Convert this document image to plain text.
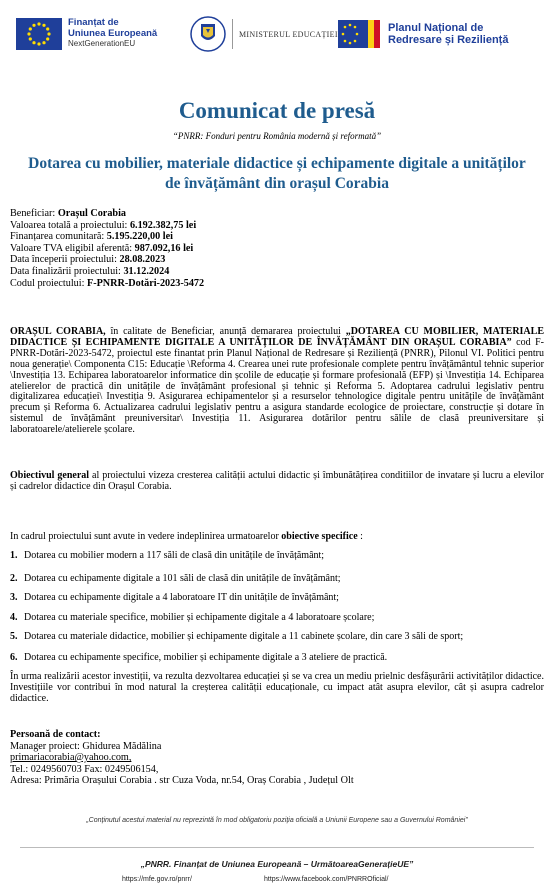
Finanțat de
Uniunea Europeană
NextGenerationEU
MINISTERUL EDUCAȚIEI
Planul Național de
Redresare și Reziliență
Comunicat de presă
“PNRR: Fonduri pentru România modernă și reformată”
Dotarea cu mobilier, materiale didactice și echipamente digitale a unităților de învățământ din orașul Corabia
Beneficiar: Orașul Corabia
Valoarea totală a proiectului: 6.192.382,75 lei
Finanțarea comunitară: 5.195.220,00 lei
Valoare TVA eligibil aferentă: 987.092,16 lei
Data începerii proiectului: 28.08.2023
Data finalizării proiectului: 31.12.2024
Codul proiectului: F-PNRR-Dotări-2023-5472
ORAȘUL CORABIA, în calitate de Beneficiar, anunță demararea proiectului „DOTAREA CU MOBILIER, MATERIALE DIDACTICE ȘI ECHIPAMENTE DIGITALE A UNITĂȚILOR DE ÎNVĂȚĂMÂNT DIN ORAȘUL CORABIA” cod F-PNRR-Dotări-2023-5472, proiectul este finantat prin Planul Național de Redresare și Reziliență (PNRR), Pilonul VI. Politici pentru noua generație\ Componenta C15: Educație \Reforma 4. Crearea unei rute profesionale complete pentru învățământul tehnic superior \Investiția 13. Echiparea laboratoarelor informatice din școlile de educație și formare profesională (EFP) și \Investiția 14. Echiparea atelierelor de practică din unitățile de învățământ profesional și tehnic și Reforma 5. Adoptarea cadrului legislativ pentru digitalizarea educației\ Investiția 9. Asigurarea echipamentelor și a resurselor tehnologice digitale pentru unitățile de învățământ precum și Reforma 6. Actualizarea cadrului legislativ pentru a asigura standarde ecologice de proiectare, construcție și dotare în sistemul de învățământ preuniversitar\ Investiția 11. Asigurarea dotărilor pentru sălile de clasă preuniversitare și laboratoarele/atelierele școlare.
Obiectivul general al proiectului vizeza cresterea calității actului didactic și îmbunătățirea conditiilor de invatare și lucru a elevilor și cadrelor didactice din Orașul Corabia.
In cadrul proiectului sunt avute in vedere indeplinirea urmatoarelor obiective specifice :
1. Dotarea cu mobilier modern a 117 săli de clasă din unitățile de învățământ;
2. Dotarea cu echipamente digitale a 101 săli de clasă din unitățile de învățământ;
3. Dotarea cu echipamente digitale a 4 laboratoare IT din unitățile de învățământ;
4. Dotarea cu materiale specifice, mobilier și echipamente digitale a 4 laboratoare școlare;
5. Dotarea cu materiale didactice, mobilier și echipamente digitale a 11 cabinete școlare, din care 3 săli de sport;
6. Dotarea cu echipamente specifice, mobilier și echipamente digitale a 3 ateliere de practică.
În urma realizării acestor investiții, va rezulta dezvoltarea educației și se va crea un mediu prielnic desfășurării activităților didactice. Investițiile vor contribui în mod natural la creșterea calității educaționale, cu impact atât asupra elevilor, cât și asupra cadrelor didactice.
Persoană de contact:
Manager proiect: Ghidurea Mădălina
primariacorabia@yahoo.com,
Tel.: 0249560703 Fax: 0249506154,
Adresa: Primăria Orașului Corabia . str Cuza Voda, nr.54, Oraș Corabia , Județul Olt
„Conținutul acestui material nu reprezintă în mod obligatoriu poziția oficială a Uniunii Europene sau a Guvernului României”
„PNRR. Finanțat de Uniunea Europeană – UrmătoareaGenerațieUE”
https://mfe.gov.ro/pnrr/	https://www.facebook.com/PNRROficial/
